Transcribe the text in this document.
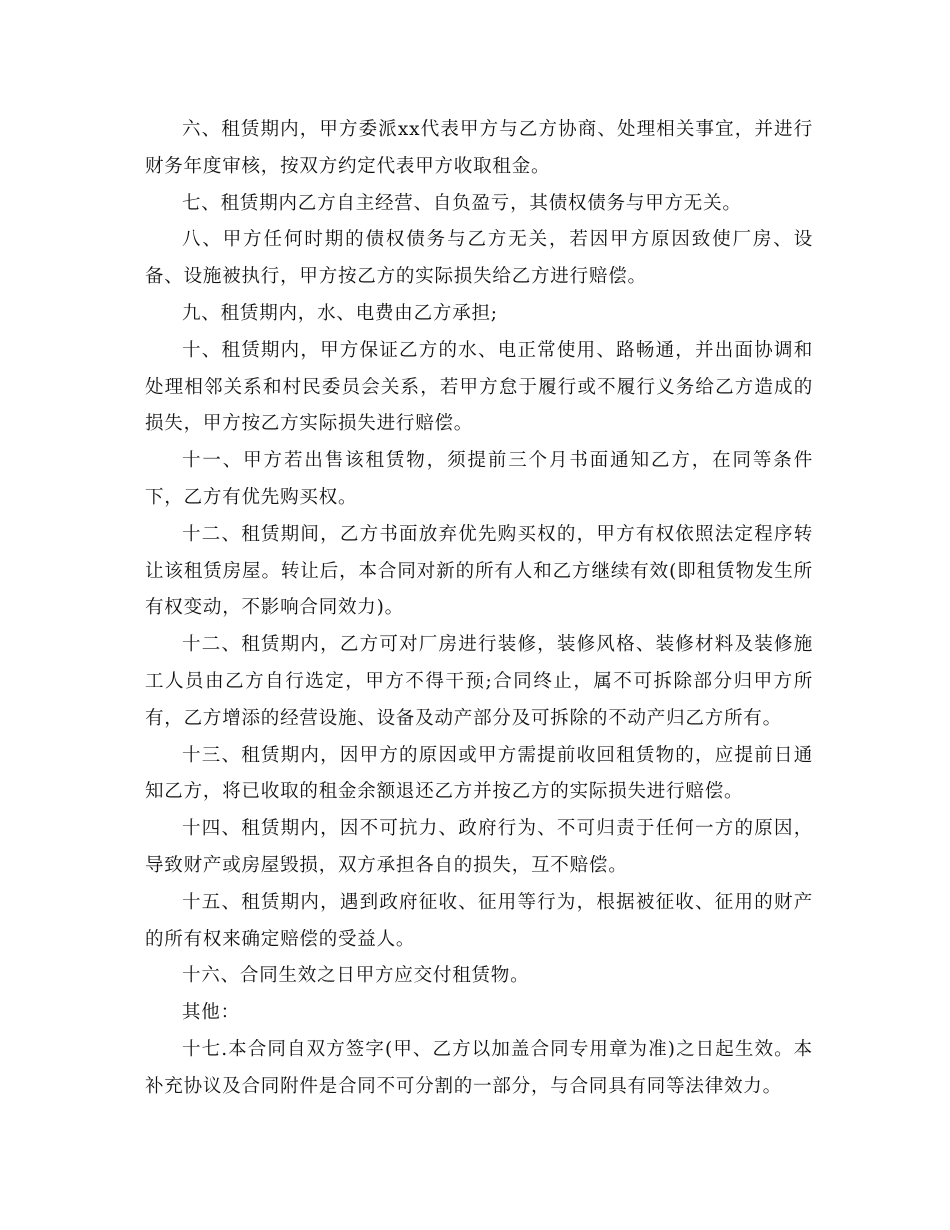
六、租赁期内，甲方委派xx代表甲方与乙方协商、处理相关事宜，并进行财务年度审核，按双方约定代表甲方收取租金。

七、租赁期内乙方自主经营、自负盈亏，其债权债务与甲方无关。

八、甲方任何时期的债权债务与乙方无关，若因甲方原因致使厂房、设备、设施被执行，甲方按乙方的实际损失给乙方进行赔偿。

九、租赁期内，水、电费由乙方承担;

十、租赁期内，甲方保证乙方的水、电正常使用、路畅通，并出面协调和处理相邻关系和村民委员会关系，若甲方怠于履行或不履行义务给乙方造成的损失，甲方按乙方实际损失进行赔偿。

十一、甲方若出售该租赁物，须提前三个月书面通知乙方，在同等条件下，乙方有优先购买权。

十二、租赁期间，乙方书面放弃优先购买权的，甲方有权依照法定程序转让该租赁房屋。转让后，本合同对新的所有人和乙方继续有效(即租赁物发生所有权变动，不影响合同效力)。

十二、租赁期内，乙方可对厂房进行装修，装修风格、装修材料及装修施工人员由乙方自行选定，甲方不得干预;合同终止，属不可拆除部分归甲方所有，乙方增添的经营设施、设备及动产部分及可拆除的不动产归乙方所有。

十三、租赁期内，因甲方的原因或甲方需提前收回租赁物的，应提前日通知乙方，将已收取的租金余额退还乙方并按乙方的实际损失进行赔偿。

十四、租赁期内，因不可抗力、政府行为、不可归责于任何一方的原因，导致财产或房屋毁损，双方承担各自的损失，互不赔偿。

十五、租赁期内，遇到政府征收、征用等行为，根据被征收、征用的财产的所有权来确定赔偿的受益人。

十六、合同生效之日甲方应交付租赁物。

其他：

十七.本合同自双方签字(甲、乙方以加盖合同专用章为准)之日起生效。本补充协议及合同附件是合同不可分割的一部分，与合同具有同等法律效力。
